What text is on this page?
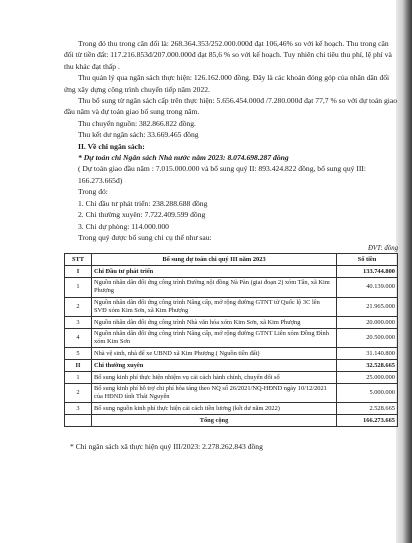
Trong đó thu trong cân đối là: 268.364.353/252.000.000đ đạt 106,46% so với kế hoạch. Thu trong cân đối từ tiền đất: 117.216.853đ/207.000.000đ đạt 85,6 % so với kế hoạch. Tuy nhiên chi tiêu thu phí, lệ phí và thu khác đạt thấp .

Thu quản lý qua ngân sách thực hiện: 126.162.000 đồng. Đây là các khoản đóng góp của nhân dân đối ứng xây dựng công trình chuyển tiếp năm 2022.

Thu bổ sung từ ngân sách cấp trên thực hiện: 5.656.454.000đ /7.280.000đ đạt 77,7 % so với dự toán giao đầu năm và dự toán giao bổ sung trong năm.

Thu chuyển nguồn: 382.866.822 đồng.

Thu kết dư ngân sách: 33.669.465 đồng

II. Về chi ngân sách:

* Dự toán chi Ngân sách Nhà nước năm 2023: 8.074.698.287 đồng

( Dự toán giao đầu năm : 7.015.000.000 và bổ sung quý II: 893.424.822 đồng, bổ sung quý III: 166.273.665đ)

Trong đó:

1. Chi đầu tư phát triển: 238.288.688 đồng

2. Chi thường xuyên: 7.722.409.599 đồng

3. Chi dự phòng: 114.000.000

Trong quý được bổ sung chi cụ thể như sau:

ĐVT: đồng
STT	Bổ sung dự toán chi quý III năm 2023	Số tiền
I	Chi Đầu tư phát triển	133.744.800
1	Nguồn nhân dân đối ứng công trình Đường nội đồng Nà Pàn (giai đoạn 2) xóm Tân, xã Kim Phượng	40.139.000
2	Nguồn nhân dân đối ứng công trình Nâng cấp, mở rộng đường GTNT từ Quốc lộ 3C lên SVĐ xóm Kim Sơn, xã Kim Phượng	21.965.000
3	Nguồn nhân dân đối ứng công trình Nhà văn hóa xóm Kim Sơn, xã Kim Phượng	20.000.000
4	Nguồn nhân dân đối ứng công trình Nâng cấp, mở rộng đường GTNT Liên xóm Đồng Đình xóm Kim Sơn	20.500.000
5	Nhà vệ sinh, nhà để xe UBND xã Kim Phượng ( Nguồn tiền đất)	31.140.800
II	Chi thường xuyên	32.528.665
1	Bổ sung kinh phí thực hiện nhiệm vụ cải cách hành chính, chuyển đổi số	25.000.000
2	Bổ sung kinh phí hỗ trợ chi phí hỏa táng theo NQ số 26/2021/NQ-HĐND ngày 10/12/2021 của HĐND tỉnh Thái Nguyên	5.000.000
3	Bổ sung nguồn kinh phí thực hiện cải cách tiền lương (kết dư năm 2022)	2.528.665
	Tổng cộng	166.273.665

* Chi ngân sách xã thực hiện quý III/2023: 2.278.262.843 đồng
